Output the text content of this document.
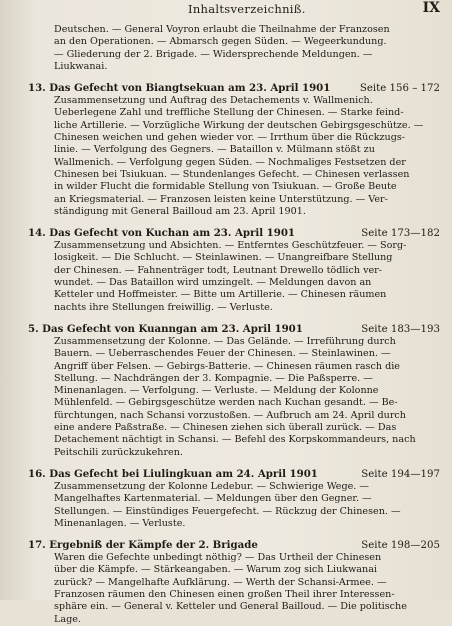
Inhaltsverzeichniß.	IX
Deutschen. — General Voyron erlaubt die Theilnahme der Franzosen
an den Operationen. — Abmarsch gegen Süden. — Wegeerkundung.
— Gliederung der 2. Brigade. — Widersprechende Meldungen. —
Liukwanai.
13. Das Gefecht von Biangtsekuan am 23. April 1901	Seite 156 – 172
Zusammensetzung und Auftrag des Detachements v. Wallmenich.
Ueberlegene Zahl und treffliche Stellung der Chinesen. — Starke feind-
liche Artillerie. — Vorzügliche Wirkung der deutschen Gebirgsgeschütze. —
Chinesen weichen und gehen wieder vor. — Irrthum über die Rückzugs-
linie. — Verfolgung des Gegners. — Bataillon v. Mülmann stößt zu
Wallmenich. — Verfolgung gegen Süden. — Nochmaliges Festsetzen der
Chinesen bei Tsiukuan. — Stundenlanges Gefecht. — Chinesen verlassen
in wilder Flucht die formidable Stellung von Tsiukuan. — Große Beute
an Kriegsmaterial. — Franzosen leisten keine Unterstützung. — Ver-
ständigung mit General Bailloud am 23. April 1901.
14. Das Gefecht von Kuchan am 23. April 1901	Seite 173—182
Zusammensetzung und Absichten. — Entferntes Geschützfeuer. — Sorg-
losigkeit. — Die Schlucht. — Steinlawinen. — Unangreifbare Stellung
der Chinesen. — Fahnenträger todt, Leutnant Drewello tödlich ver-
wundet. — Das Bataillon wird umzingelt. — Meldungen davon an
Ketteler und Hoffmeister. — Bitte um Artillerie. — Chinesen räumen
nachts ihre Stellungen freiwillig. — Verluste.
5. Das Gefecht von Kuanngan am 23. April 1901	Seite 183—193
Zusammensetzung der Kolonne. — Das Gelände. — Irreführung durch
Bauern. — Ueberraschendes Feuer der Chinesen. — Steinlawinen. —
Angriff über Felsen. — Gebirgs-Batterie. — Chinesen räumen rasch die
Stellung. — Nachdrängen der 3. Kompagnie. — Die Paßsperre. —
Minenanlagen. — Verfolgung. — Verluste. — Meldung der Kolonne
Mühlenfeld. — Gebirgsgeschütze werden nach Kuchan gesandt. — Be-
fürchtungen, nach Schansi vorzustoßen. — Aufbruch am 24. April durch
eine andere Paßstraße. — Chinesen ziehen sich überall zurück. — Das
Detachement nächtigt in Schansi. — Befehl des Korpskommandeurs, nach
Peitschili zurückzukehren.
16. Das Gefecht bei Liulingkuan am 24. April 1901	Seite 194—197
Zusammensetzung der Kolonne Ledebur. — Schwierige Wege. —
Mangelhaftes Kartenmaterial. — Meldungen über den Gegner. —
Stellungen. — Einstündiges Feuergefecht. — Rückzug der Chinesen. —
Minenanlagen. — Verluste.
17. Ergebniß der Kämpfe der 2. Brigade	Seite 198—205
Waren die Gefechte unbedingt nöthig? — Das Urtheil der Chinesen
über die Kämpfe. — Stärkeangaben. — Warum zog sich Liukwanai
zurück? — Mangelhafte Aufklärung. — Werth der Schansi-Armee. —
Franzosen räumen den Chinesen einen großen Theil ihrer Interessen-
sphäre ein. — General v. Ketteler und General Bailloud. — Die politische
Lage.
